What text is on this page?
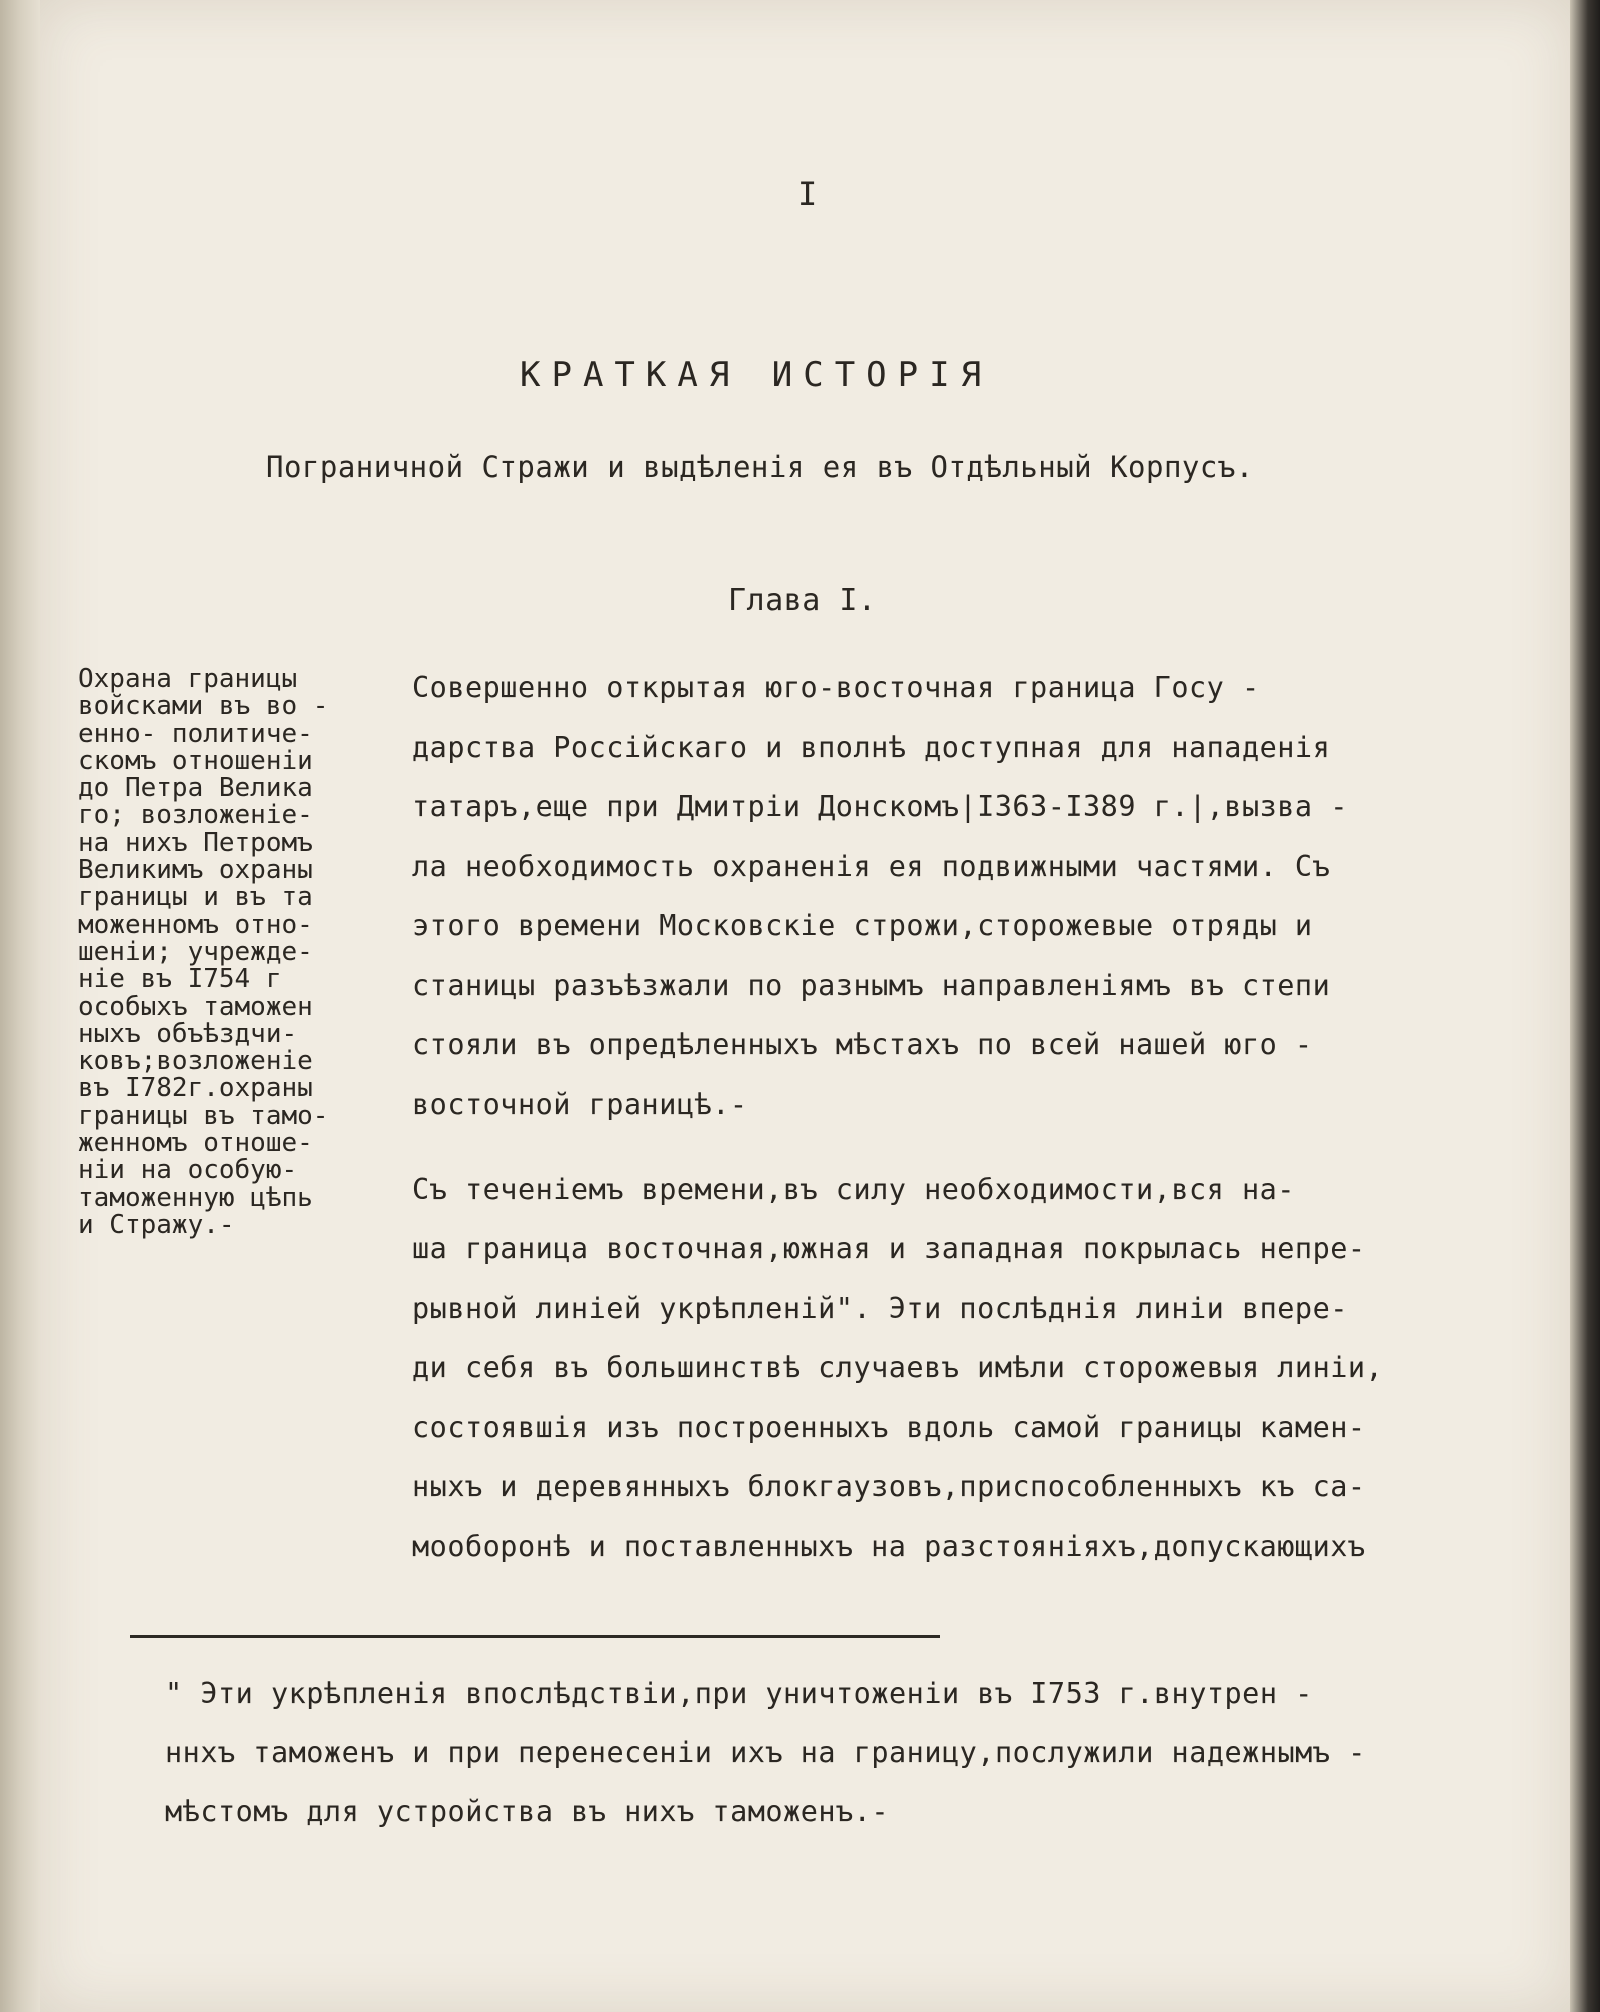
I
КРАТКАЯ ИСТОРІЯ
Пограничной Стражи и выдѣленія ея въ Отдѣльный Корпусъ.
Глава I.
Охрана границы
войсками въ во -
енно- политиче-
скомъ отношеніи
до Петра Велика
го; возложеніе-
на нихъ Петромъ
Великимъ охраны
границы и въ та
моженномъ отно-
шеніи; учрежде-
ніе въ I754 г
особыхъ таможен
ныхъ объѣздчи-
ковъ;возложеніе
въ I782г.охраны
границы въ тамо-
женномъ отноше-
ніи на особую-
таможенную цѣпь
и Стражу.-
Совершенно открытая юго-восточная граница Госу -
дарства Россійскаго и вполнѣ доступная для нападенія
татаръ,еще при Дмитріи Донскомъ|I363-I389 г.|,вызва -
ла необходимость охраненія ея подвижными частями. Съ
этого времени Московскіе строжи,сторожевые отряды и
станицы разъѣзжали по разнымъ направленіямъ въ степи
стояли въ опредѣленныхъ мѣстахъ по всей нашей юго -
восточной границѣ.-
Съ теченіемъ времени,въ силу необходимости,вся на-
ша граница восточная,южная и западная покрылась непре-
рывной линіей укрѣпленій". Эти послѣднія линіи впере-
ди себя въ большинствѣ случаевъ имѣли сторожевыя линіи,
состоявшія изъ построенныхъ вдоль самой границы камен-
ныхъ и деревянныхъ блокгаузовъ,приспособленныхъ къ са-
мообоpонѣ и поставленныхъ на разстояніяхъ,допускающихъ
" Эти укрѣпленія впослѣдствіи,при уничтоженіи въ I753 г.внутрен -
ннхъ таможенъ и при перенесеніи ихъ на границу,послужили надежнымъ -
мѣстомъ для устройства въ нихъ таможенъ.-
